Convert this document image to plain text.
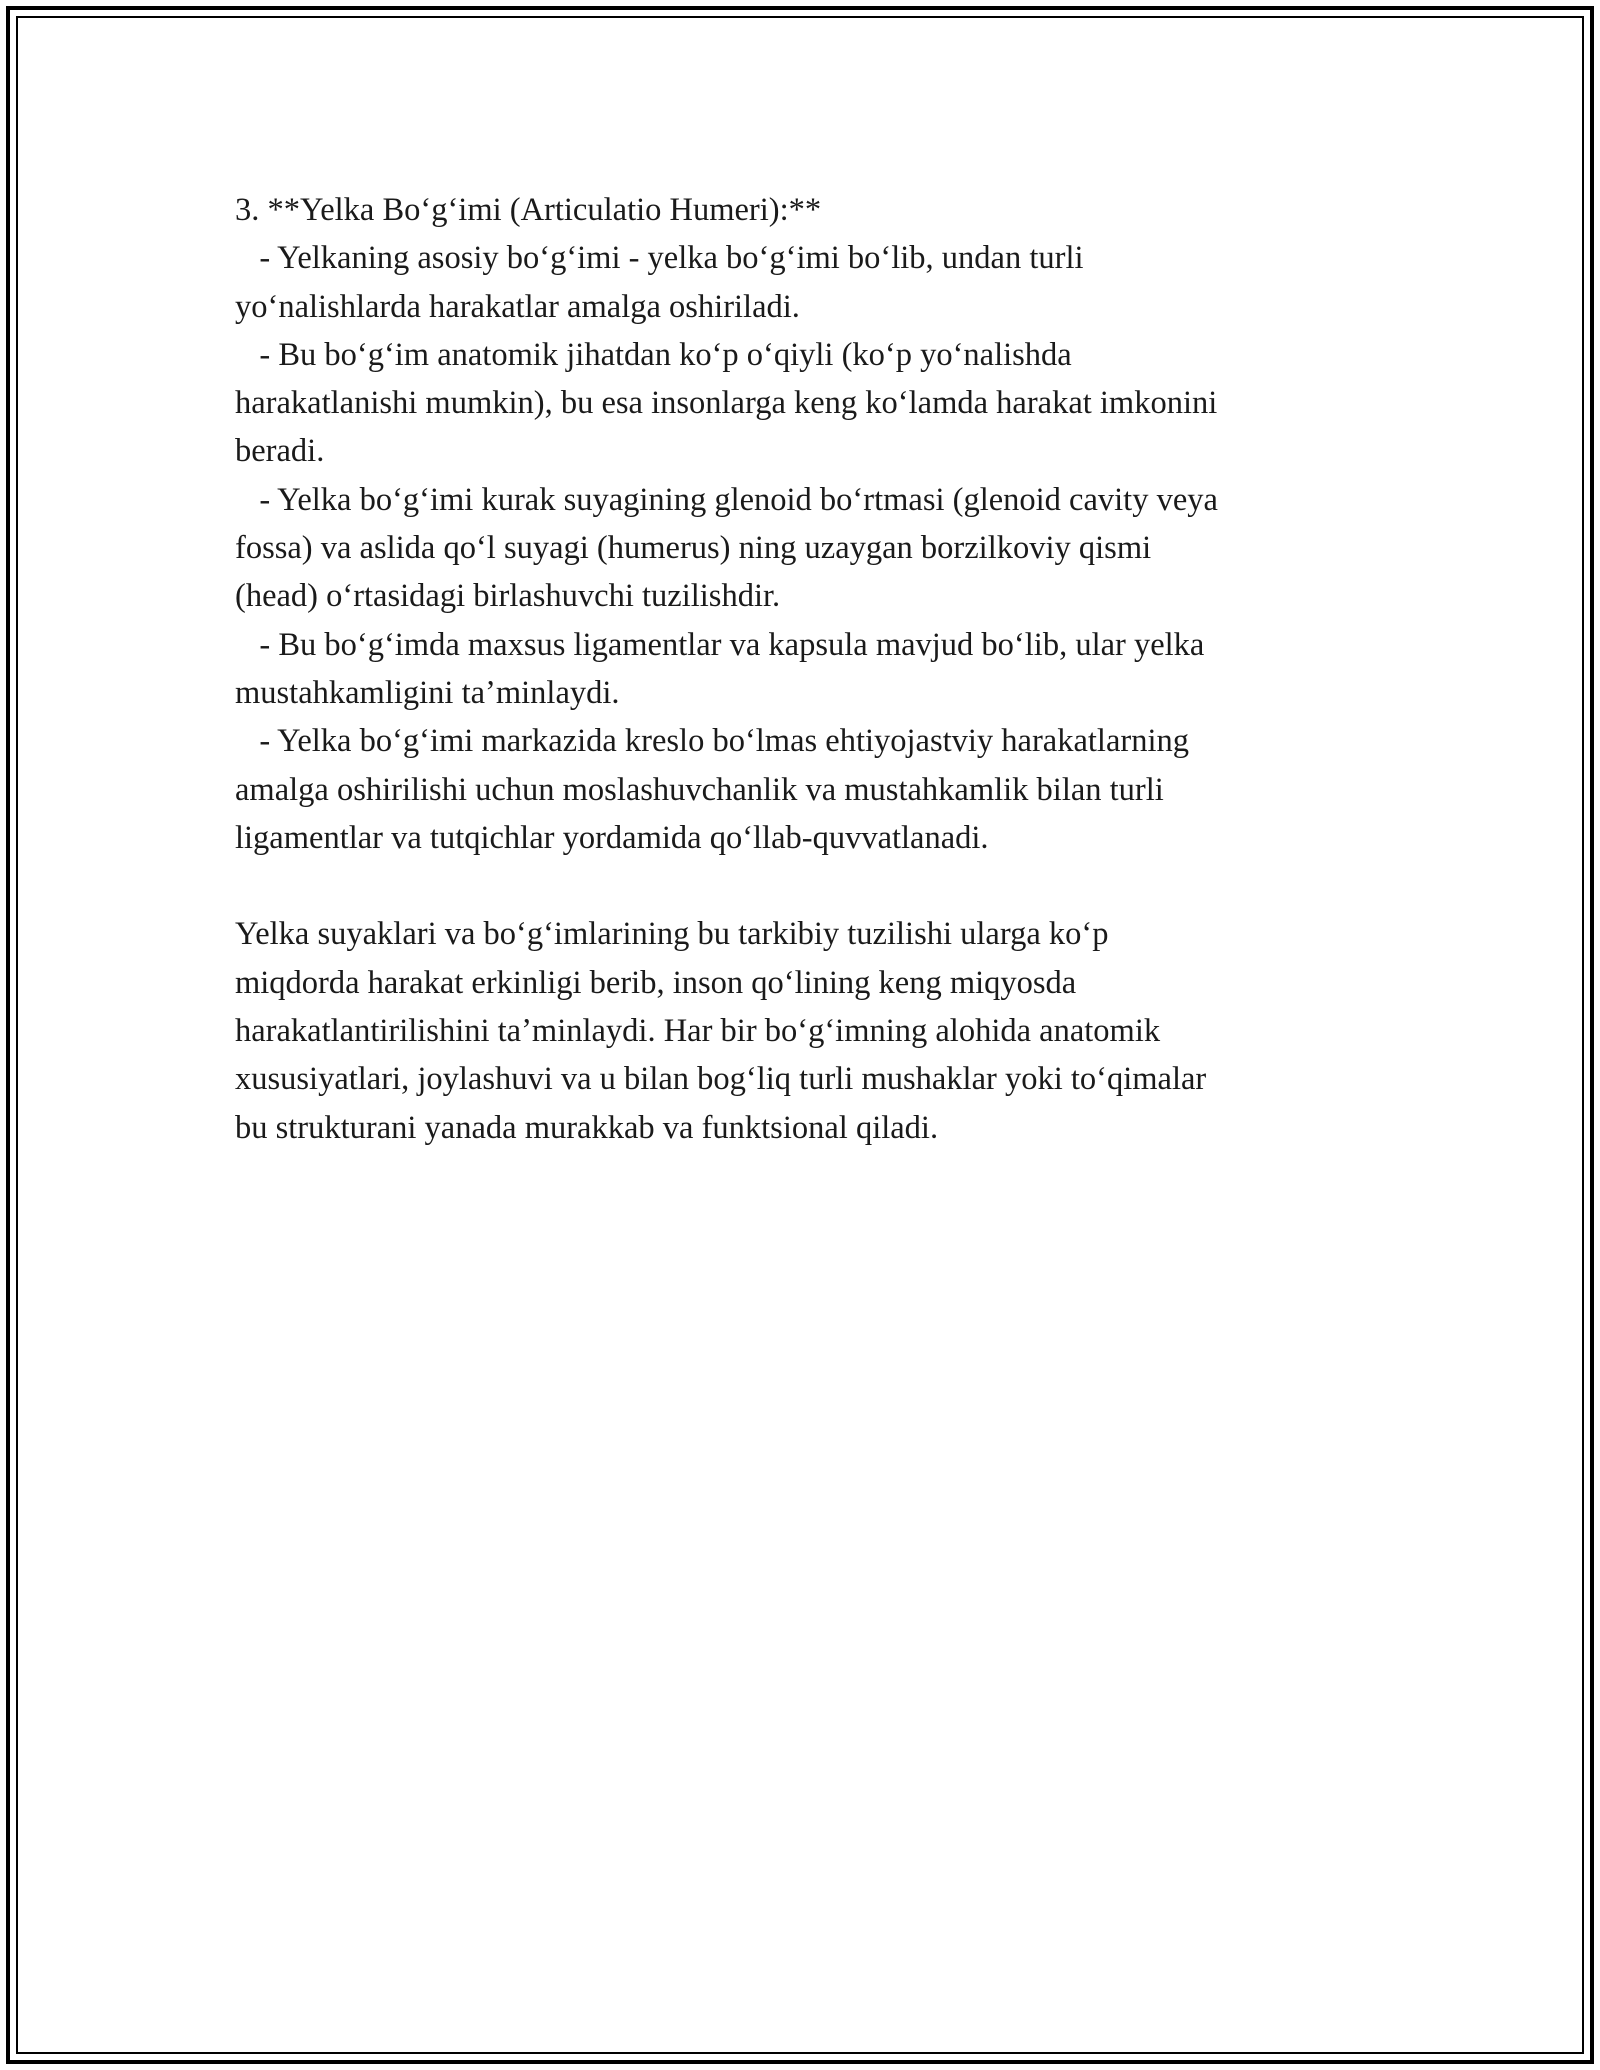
3. **Yelka Boʻgʻimi (Articulatio Humeri):**
- Yelkaning asosiy boʻgʻimi - yelka boʻgʻimi boʻlib, undan turli
yoʻnalishlarda harakatlar amalga oshiriladi.
- Bu boʻgʻim anatomik jihatdan koʻp oʻqiyli (koʻp yoʻnalishda
harakatlanishi mumkin), bu esa insonlarga keng koʻlamda harakat imkonini
beradi.
- Yelka boʻgʻimi kurak suyagining glenoid boʻrtmasi (glenoid cavity veya
fossa) va aslida qoʻl suyagi (humerus) ning uzaygan borzilkoviy qismi
(head) oʻrtasidagi birlashuvchi tuzilishdir.
- Bu boʻgʻimda maxsus ligamentlar va kapsula mavjud boʻlib, ular yelka
mustahkamligini taʼminlaydi.
- Yelka boʻgʻimi markazida kreslo boʻlmas ehtiyojastviy harakatlarning
amalga oshirilishi uchun moslashuvchanlik va mustahkamlik bilan turli
ligamentlar va tutqichlar yordamida qoʻllab-quvvatlanadi.
Yelka suyaklari va boʻgʻimlarining bu tarkibiy tuzilishi ularga koʻp
miqdorda harakat erkinligi berib, inson qoʻlining keng miqyosda
harakatlantirilishini taʼminlaydi. Har bir boʻgʻimning alohida anatomik
xususiyatlari, joylashuvi va u bilan bogʻliq turli mushaklar yoki toʻqimalar
bu strukturani yanada murakkab va funktsional qiladi.
